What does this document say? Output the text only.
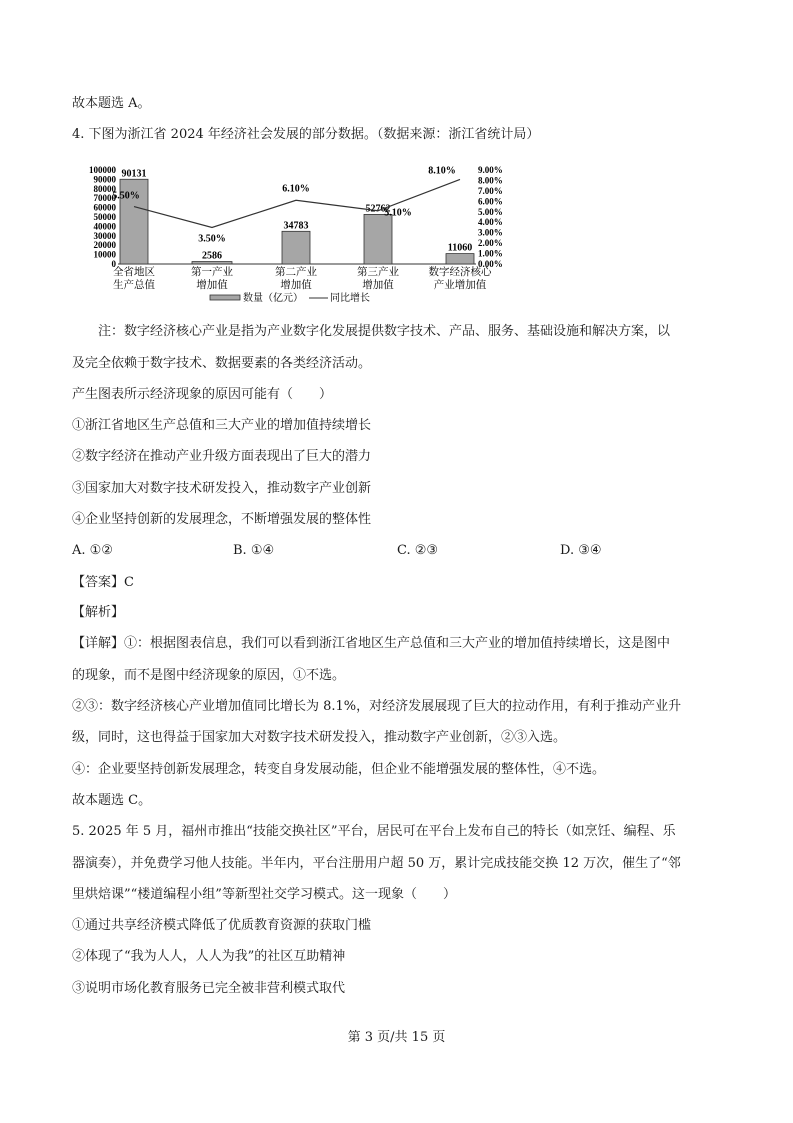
故本题选 A。
4. 下图为浙江省 2024 年经济社会发展的部分数据。（数据来源：浙江省统计局）
0
10000
20000
30000
40000
50000
60000
70000
80000
90000
100000
0.00%
1.00%
2.00%
3.00%
4.00%
5.00%
6.00%
7.00%
8.00%
9.00%
90131
2586
34783
52762
11060
5.50%
3.50%
6.10%
5.10%
8.10%
全省地区
生产总值
第一产业
增加值
第二产业
增加值
第三产业
增加值
数字经济核心
产业增加值
数量（亿元）	同比增长
注：数字经济核心产业是指为产业数字化发展提供数字技术、产品、服务、基础设施和解决方案，以
及完全依赖于数字技术、数据要素的各类经济活动。
产生图表所示经济现象的原因可能有（　　）
①浙江省地区生产总值和三大产业的增加值持续增长
②数字经济在推动产业升级方面表现出了巨大的潜力
③国家加大对数字技术研发投入，推动数字产业创新
④企业坚持创新的发展理念，不断增强发展的整体性
A. ①②	B. ①④	C. ②③	D. ③④
【答案】C
【解析】
【详解】①：根据图表信息，我们可以看到浙江省地区生产总值和三大产业的增加值持续增长，这是图中
的现象，而不是图中经济现象的原因，①不选。
②③：数字经济核心产业增加值同比增长为 8.1%，对经济发展展现了巨大的拉动作用，有利于推动产业升
级，同时，这也得益于国家加大对数字技术研发投入，推动数字产业创新，②③入选。
④：企业要坚持创新发展理念，转变自身发展动能，但企业不能增强发展的整体性，④不选。
故本题选 C。
5. 2025 年 5 月，福州市推出“技能交换社区”平台，居民可在平台上发布自己的特长（如烹饪、编程、乐
器演奏），并免费学习他人技能。半年内，平台注册用户超 50 万，累计完成技能交换 12 万次，催生了“邻
里烘焙课”“楼道编程小组”等新型社交学习模式。这一现象（　　）
①通过共享经济模式降低了优质教育资源的获取门槛
②体现了“我为人人，人人为我”的社区互助精神
③说明市场化教育服务已完全被非营利模式取代
第 3 页/共 15 页
